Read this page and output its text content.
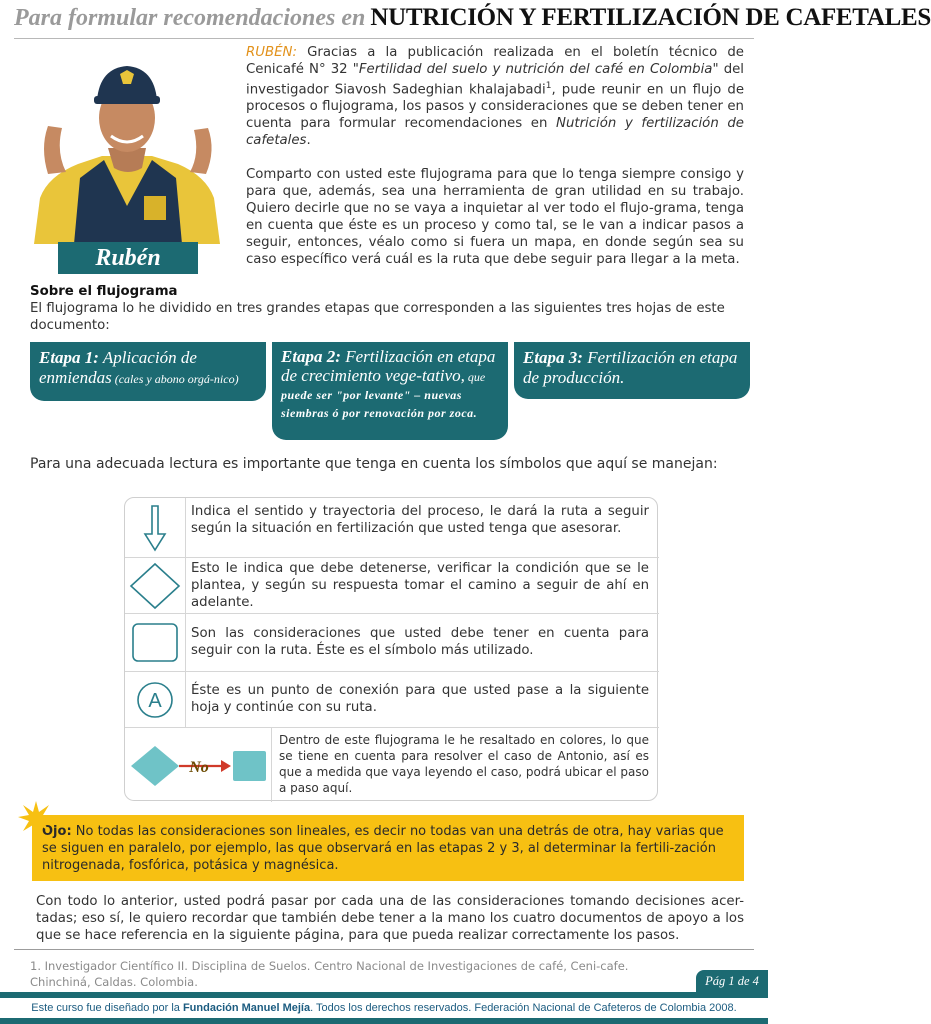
Para formular recomendaciones en NUTRICIÓN Y FERTILIZACIÓN DE CAFETALES
Rubén

RUBÉN: Gracias a la publicación realizada en el boletín técnico de Cenicafé N° 32 "Fertilidad del suelo y nutrición del café en Colombia" del investigador Siavosh Sadeghian khalajabadi$^1$, pude reunir en un flujo de procesos o flujograma, los pasos y consideraciones que se deben tener en cuenta para formular recomendaciones en Nutrición y fertilización de cafetales.

Comparto con usted este flujograma para que lo tenga siempre consigo y para que, además, sea una herramienta de gran utilidad en su trabajo. Quiero decirle que no se vaya a inquietar al ver todo el flujo-grama, tenga en cuenta que éste es un proceso y como tal, se le van a indicar pasos a seguir, entonces, véalo como si fuera un mapa, en donde según sea su caso específico verá cuál es la ruta que debe seguir para llegar a la meta.

Sobre el flujograma
El flujograma lo he dividido en tres grandes etapas que corresponden a las siguientes tres hojas de este documento:
Etapa 1: Aplicación de enmiendas (cales y abono orgá-nico)
Etapa 2: Fertilización en etapa de crecimiento vege-tativo, que puede ser "por levante" – nuevas siembras ó por renovación por zoca.
Etapa 3: Fertilización en etapa de producción.
Para una adecuada lectura es importante que tenga en cuenta los símbolos que aquí se manejan:
Indica el sentido y trayectoria del proceso, le dará la ruta a seguir según la situación en fertilización que usted tenga que asesorar.
Esto le indica que debe detenerse, verificar la condición que se le plantea, y según su respuesta tomar el camino a seguir de ahí en adelante.
Son las consideraciones que usted debe tener en cuenta para seguir con la ruta. Éste es el símbolo más utilizado.
A Éste es un punto de conexión para que usted pase a la siguiente hoja y continúe con su ruta.
No
Dentro de este flujograma le he resaltado en colores, lo que se tiene en cuenta para resolver el caso de Antonio, así es que a medida que vaya leyendo el caso, podrá ubicar el paso a paso aquí.
Ojo: No todas las consideraciones son lineales, es decir no todas van una detrás de otra, hay varias que se siguen en paralelo, por ejemplo, las que observará en las etapas 2 y 3, al determinar la fertili-zación nitrogenada, fosfórica, potásica y magnésica.
Con todo lo anterior, usted podrá pasar por cada una de las consideraciones tomando decisiones acer-tadas; eso sí, le quiero recordar que también debe tener a la mano los cuatro documentos de apoyo a los que se hace referencia en la siguiente página, para que pueda realizar correctamente los pasos.
1. Investigador Científico II. Disciplina de Suelos. Centro Nacional de Investigaciones de café, Ceni-cafe. Chinchiná, Caldas. Colombia.	Pág 1 de 4
Este curso fue diseñado por la Fundación Manuel Mejía. Todos los derechos reservados. Federación Nacional de Cafeteros de Colombia 2008.
